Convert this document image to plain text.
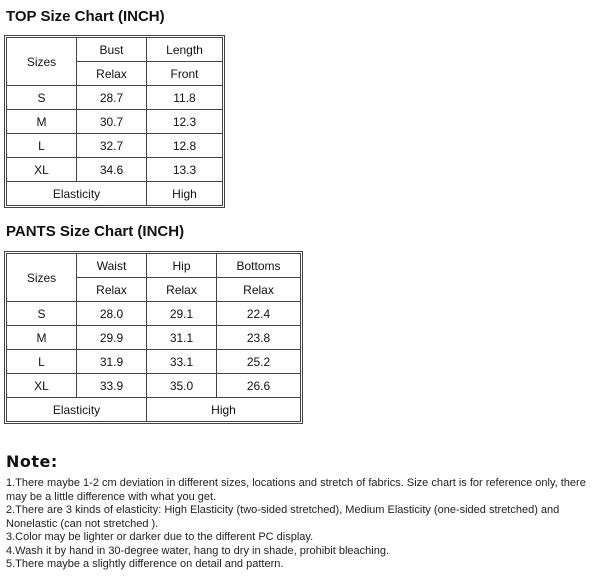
TOP Size Chart (INCH)
Sizes	Bust	Length
	Relax	Front
S	28.7	11.8
M	30.7	12.3
L	32.7	12.8
XL	34.6	13.3
Elasticity		High
PANTS Size Chart (INCH)
Sizes	Waist	Hip	Bottoms
	Relax	Relax	Relax
S	28.0	29.1	22.4
M	29.9	31.1	23.8
L	31.9	33.1	25.2
XL	33.9	35.0	26.6
Elasticity		High	
Note:
1.There maybe 1-2 cm deviation in different sizes, locations and stretch of fabrics. Size chart is for reference only, there may be a little difference with what you get.
2.There are 3 kinds of elasticity: High Elasticity (two-sided stretched), Medium Elasticity (one-sided stretched) and Nonelastic (can not stretched ).
3.Color may be lighter or darker due to the different PC display.
4.Wash it by hand in 30-degree water, hang to dry in shade, prohibit bleaching.
5.There maybe a slightly difference on detail and pattern.
